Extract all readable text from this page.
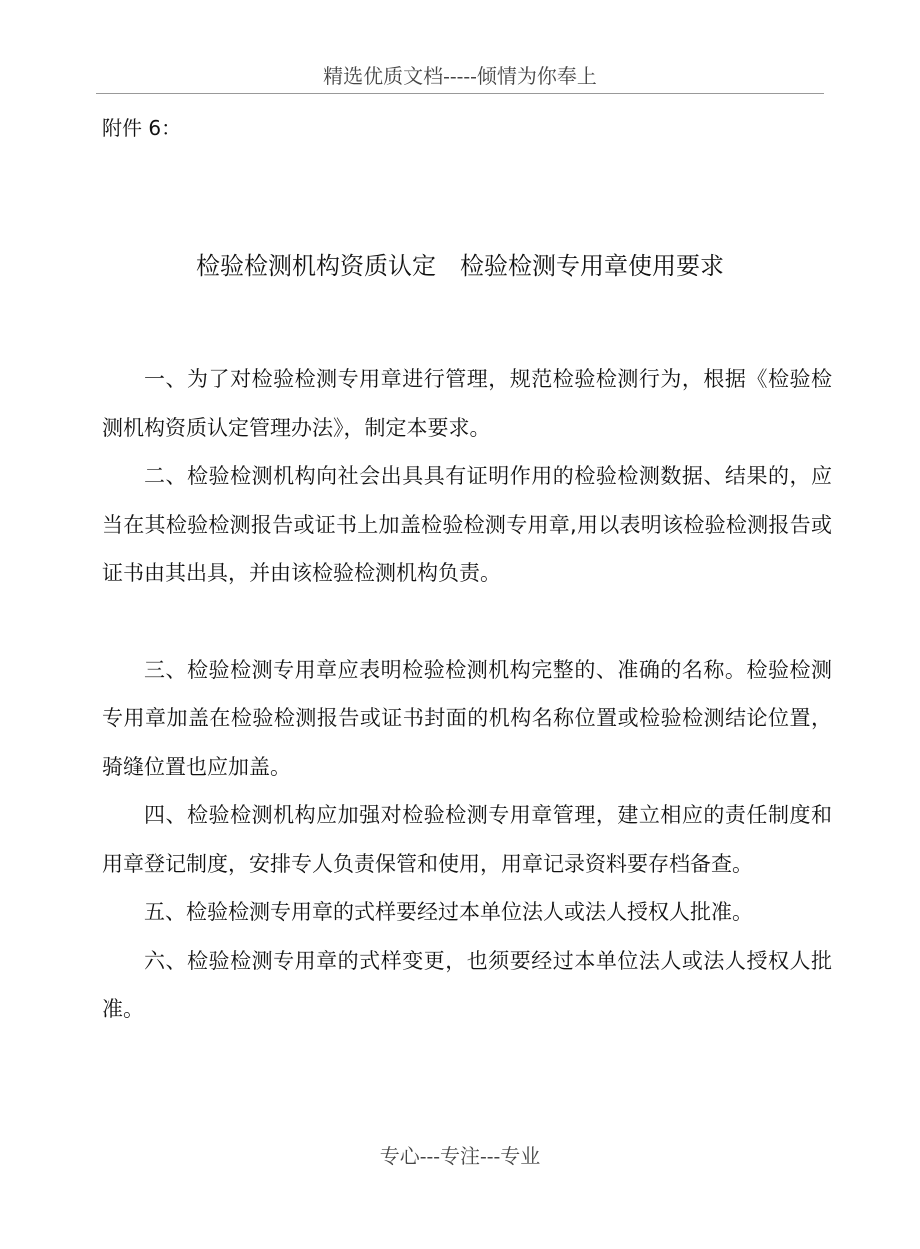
精选优质文档-----倾情为你奉上
附件 6：
检验检测机构资质认定　检验检测专用章使用要求

一、为了对检验检测专用章进行管理，规范检验检测行为，根据《检验检测机构资质认定管理办法》，制定本要求。

二、检验检测机构向社会出具具有证明作用的检验检测数据、结果的，应当在其检验检测报告或证书上加盖检验检测专用章,用以表明该检验检测报告或证书由其出具，并由该检验检测机构负责。

三、检验检测专用章应表明检验检测机构完整的、准确的名称。检验检测专用章加盖在检验检测报告或证书封面的机构名称位置或检验检测结论位置，骑缝位置也应加盖。

四、检验检测机构应加强对检验检测专用章管理，建立相应的责任制度和用章登记制度，安排专人负责保管和使用，用章记录资料要存档备查。

五、检验检测专用章的式样要经过本单位法人或法人授权人批准。

六、检验检测专用章的式样变更，也须要经过本单位法人或法人授权人批准。

专心---专注---专业
